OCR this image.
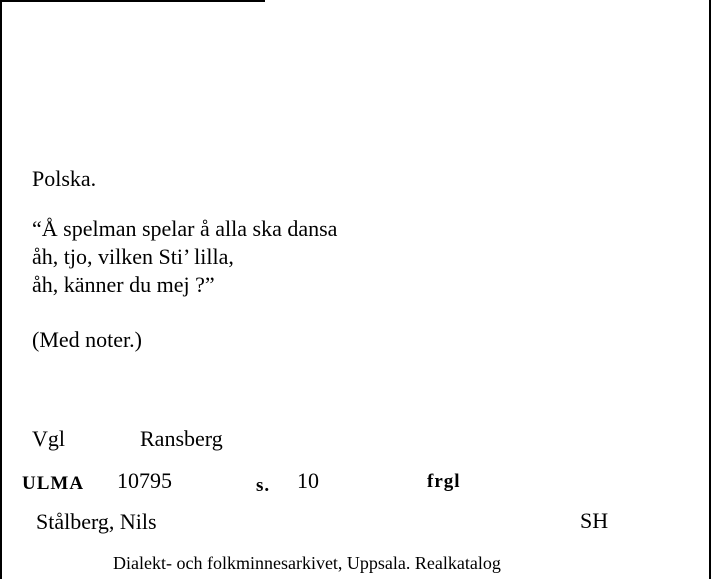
Polska.
“Å spelman spelar å alla ska dansa
åh, tjo, vilken Sti’ lilla,
åh, känner du mej ?”
(Med noter.)
Vgl	Ransberg
ULMA 10795	s. 10	frgl
Stålberg, Nils	SH
Dialekt- och folkminnesarkivet, Uppsala. Realkatalog
